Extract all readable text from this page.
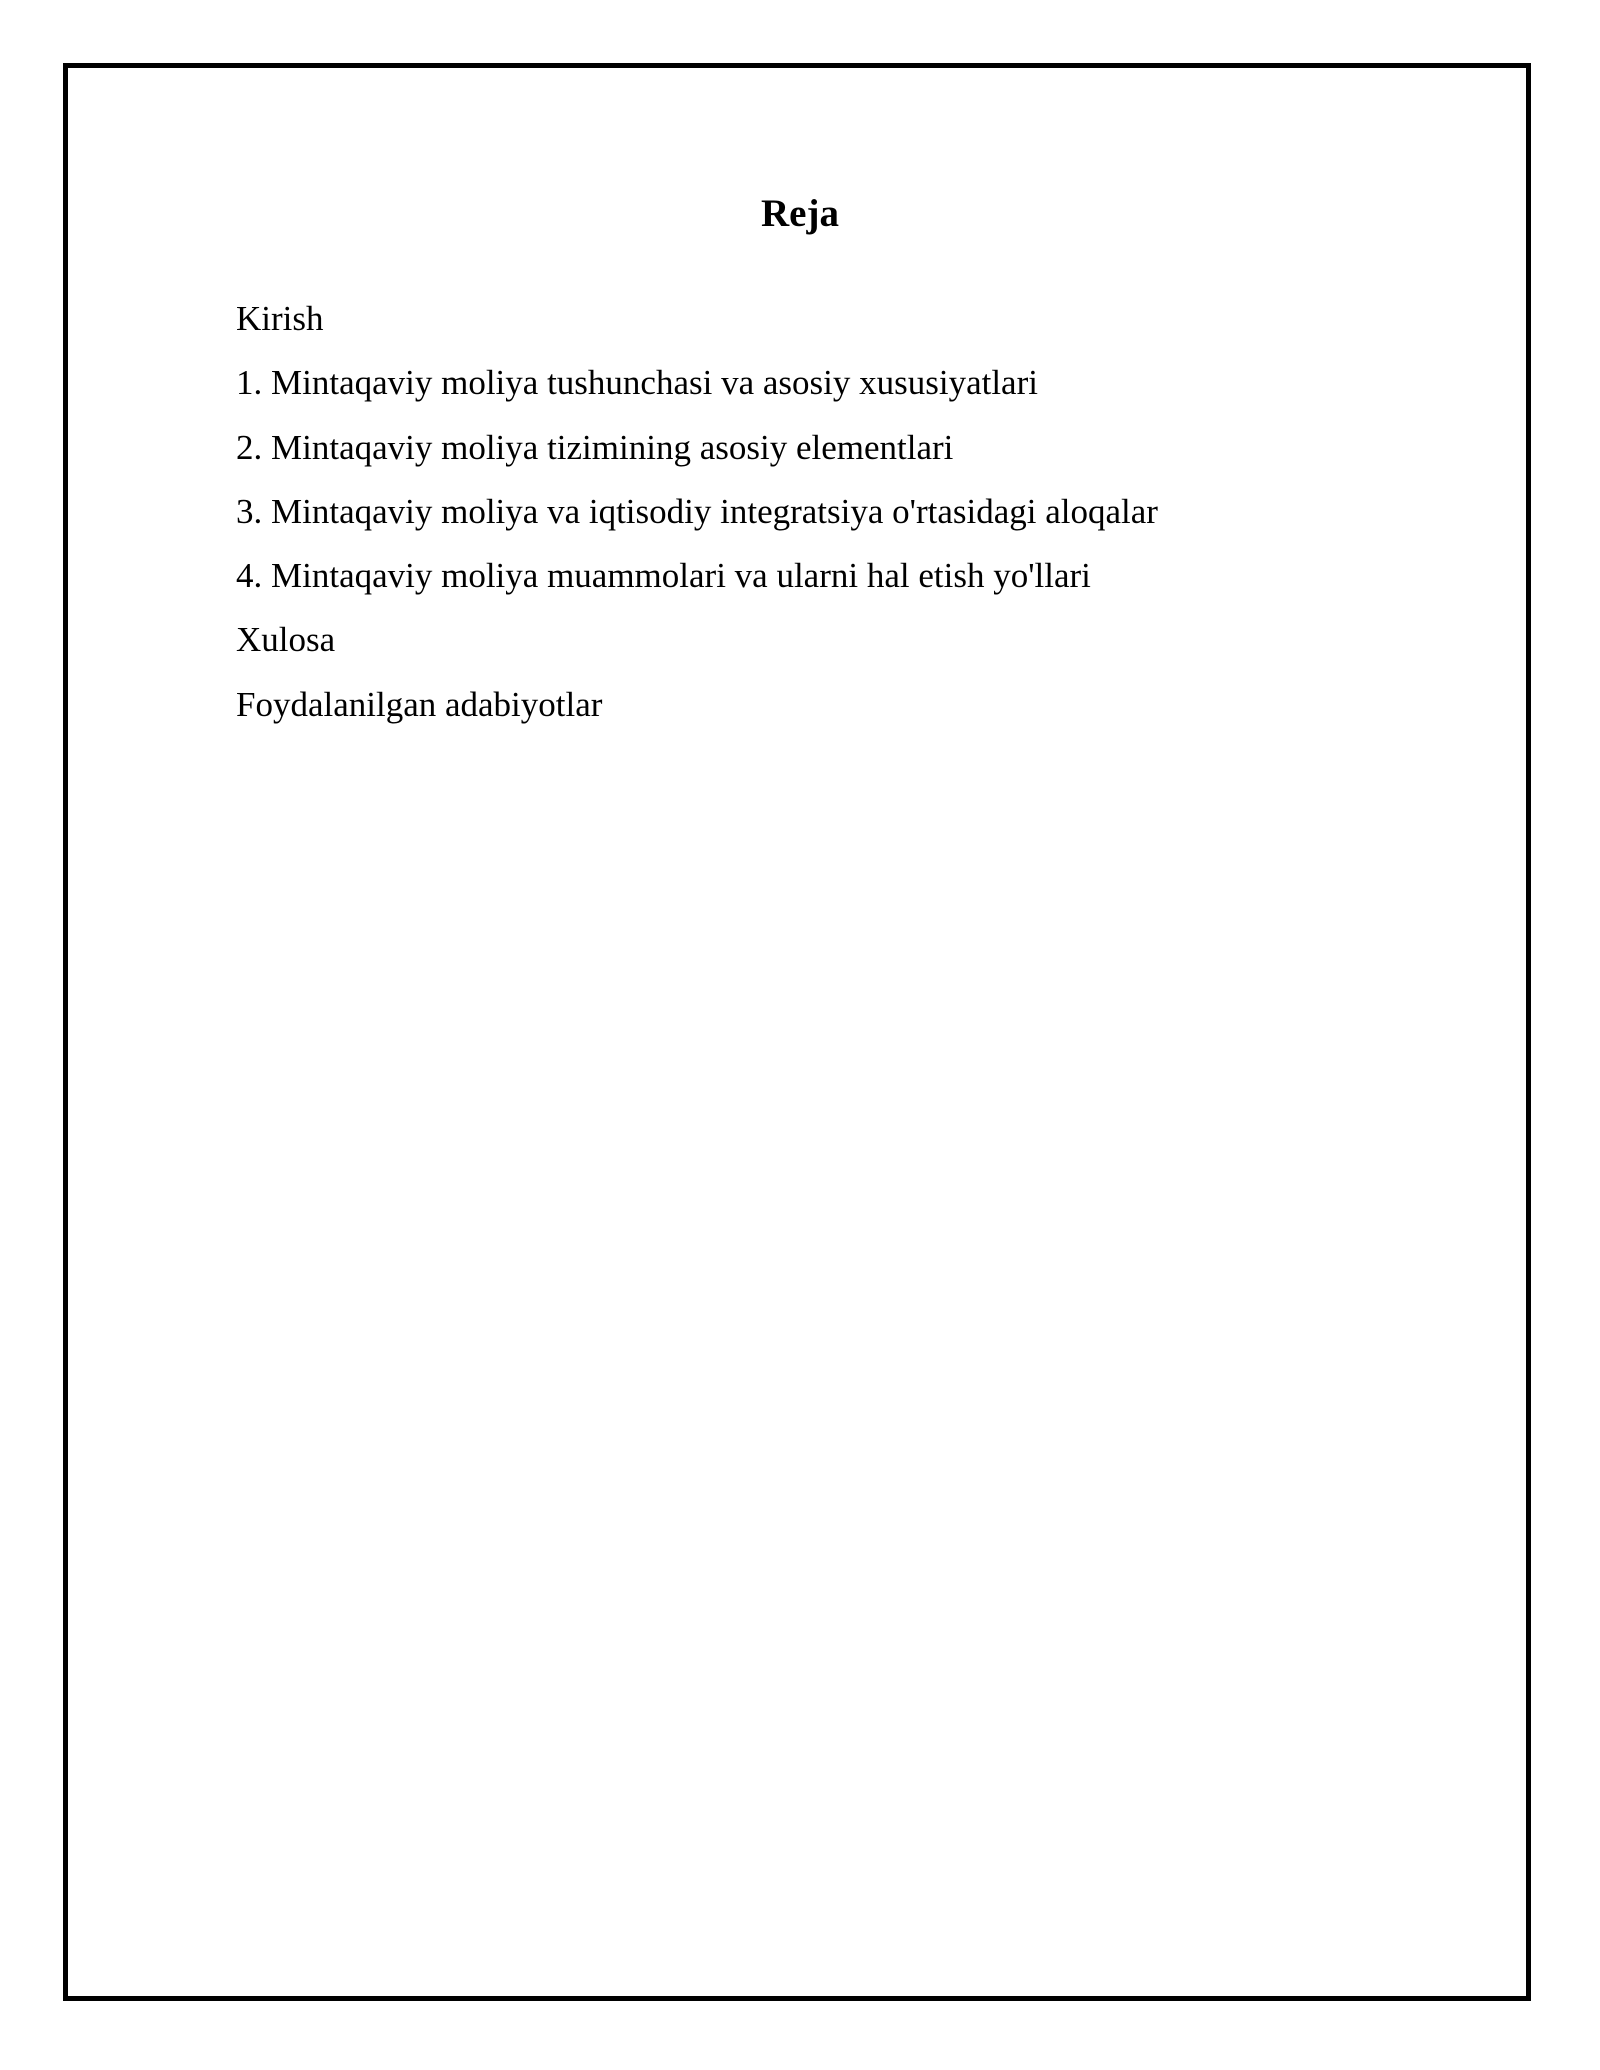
Reja
Kirish
1. Mintaqaviy moliya tushunchasi va asosiy xususiyatlari
2. Mintaqaviy moliya tizimining asosiy elementlari
3. Mintaqaviy moliya va iqtisodiy integratsiya o'rtasidagi aloqalar
4. Mintaqaviy moliya muammolari va ularni hal etish yo'llari
Xulosa
Foydalanilgan adabiyotlar
